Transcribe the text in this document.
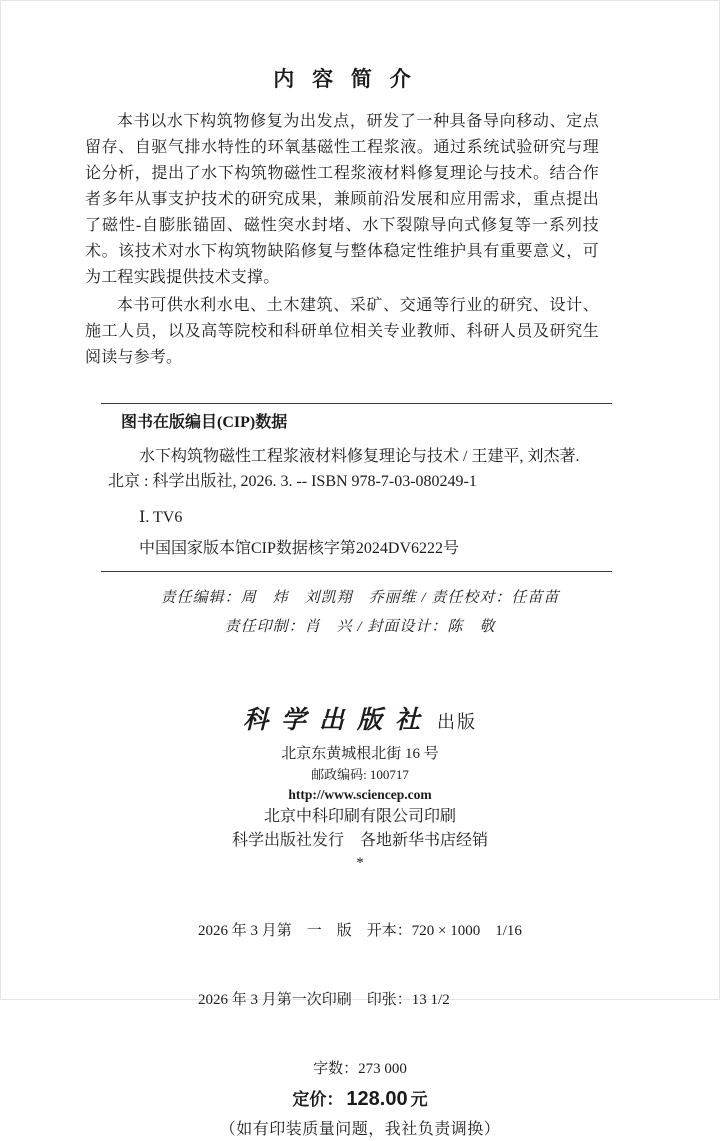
内容简介

本书以水下构筑物修复为出发点，研发了一种具备导向移动、定点留存、自驱气排水特性的环氧基磁性工程浆液。通过系统试验研究与理论分析，提出了水下构筑物磁性工程浆液材料修复理论与技术。结合作者多年从事支护技术的研究成果，兼顾前沿发展和应用需求，重点提出了磁性-自膨胀锚固、磁性突水封堵、水下裂隙导向式修复等一系列技术。该技术对水下构筑物缺陷修复与整体稳定性维护具有重要意义，可为工程实践提供技术支撑。

本书可供水利水电、土木建筑、采矿、交通等行业的研究、设计、施工人员，以及高等院校和科研单位相关专业教师、科研人员及研究生阅读与参考。

图书在版编目(CIP)数据
水下构筑物磁性工程浆液材料修复理论与技术 / 王建平, 刘杰著.
北京 : 科学出版社, 2026. 3. -- ISBN 978-7-03-080249-1
Ⅰ. TV6
中国国家版本馆CIP数据核字第2024DV6222号
责任编辑：周　炜　刘凯翔　乔丽维 / 责任校对：任苗苗
责任印制：肖　兴 / 封面设计：陈　敬
科学出版社 出版
北京东黄城根北街 16 号
邮政编码: 100717
http://www.sciencep.com
北京中科印刷有限公司印刷
科学出版社发行　各地新华书店经销
*

2026 年 3 月第　一　版　开本：720 × 1000　1/16

2026 年 3 月第一次印刷　印张：13 1/2

字数：273 000
定价： 128.00 元
（如有印装质量问题，我社负责调换）
